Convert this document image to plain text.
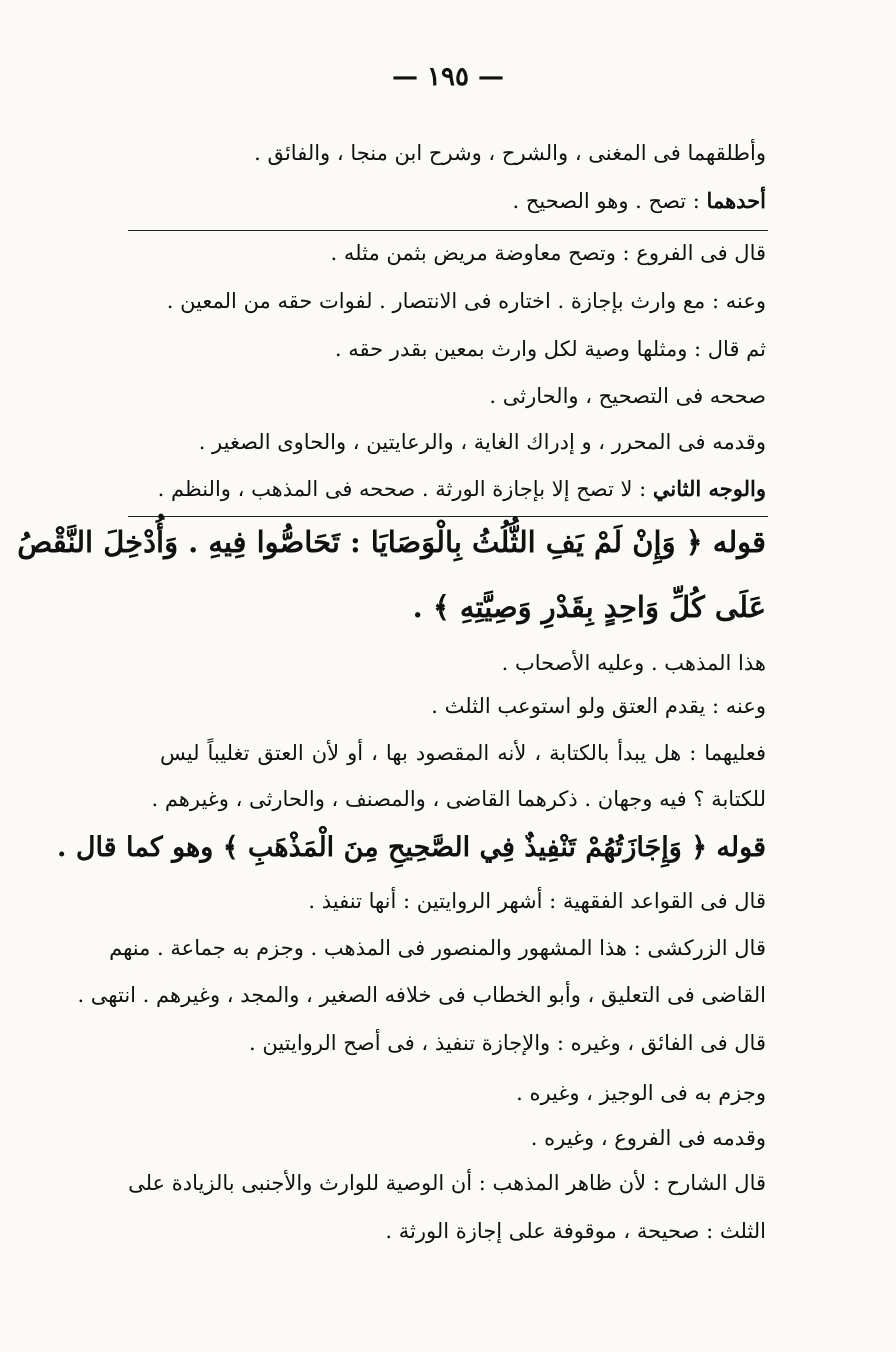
— ١٩٥ —
وأطلقهما فى المغنى ، والشرح ، وشرح ابن منجا ، والفائق .
أحدهما : تصح . وهو الصحيح .
قال فى الفروع : وتصح معاوضة مريض بثمن مثله .
وعنه : مع وارث بإجازة . اختاره فى الانتصار . لفوات حقه من المعين .
ثم قال : ومثلها وصية لكل وارث بمعين بقدر حقه .
صححه فى التصحيح ، والحارثى .
وقدمه فى المحرر ، و إدراك الغاية ، والرعايتين ، والحاوى الصغير .
والوجه الثاني : لا تصح إلا بإجازة الورثة . صححه فى المذهب ، والنظم .
قوله ﴿ وَإِنْ لَمْ يَفِ الثُّلُثُ بِالْوَصَايَا : تَحَاصُّوا فِيهِ . وَأُدْخِلَ النَّقْصُ
عَلَى كُلِّ وَاحِدٍ بِقَدْرِ وَصِيَّتِهِ ﴾ .
هذا المذهب . وعليه الأصحاب .
وعنه : يقدم العتق ولو استوعب الثلث .
فعليهما : هل يبدأ بالكتابة ، لأنه المقصود بها ، أو لأن العتق تغليباً ليس
للكتابة ؟ فيه وجهان . ذكرهما القاضى ، والمصنف ، والحارثى ، وغيرهم .
قوله ﴿ وَإِجَازَتُهُمْ تَنْفِيذٌ فِي الصَّحِيحِ مِنَ الْمَذْهَبِ ﴾ وهو كما قال .
قال فى القواعد الفقهية : أشهر الروايتين : أنها تنفيذ .
قال الزركشى : هذا المشهور والمنصور فى المذهب . وجزم به جماعة . منهم
القاضى فى التعليق ، وأبو الخطاب فى خلافه الصغير ، والمجد ، وغيرهم . انتهى .
قال فى الفائق ، وغيره : والإجازة تنفيذ ، فى أصح الروايتين .
وجزم به فى الوجيز ، وغيره .
وقدمه فى الفروع ، وغيره .
قال الشارح : لأن ظاهر المذهب : أن الوصية للوارث والأجنبى بالزيادة على
الثلث : صحيحة ، موقوفة على إجازة الورثة .
